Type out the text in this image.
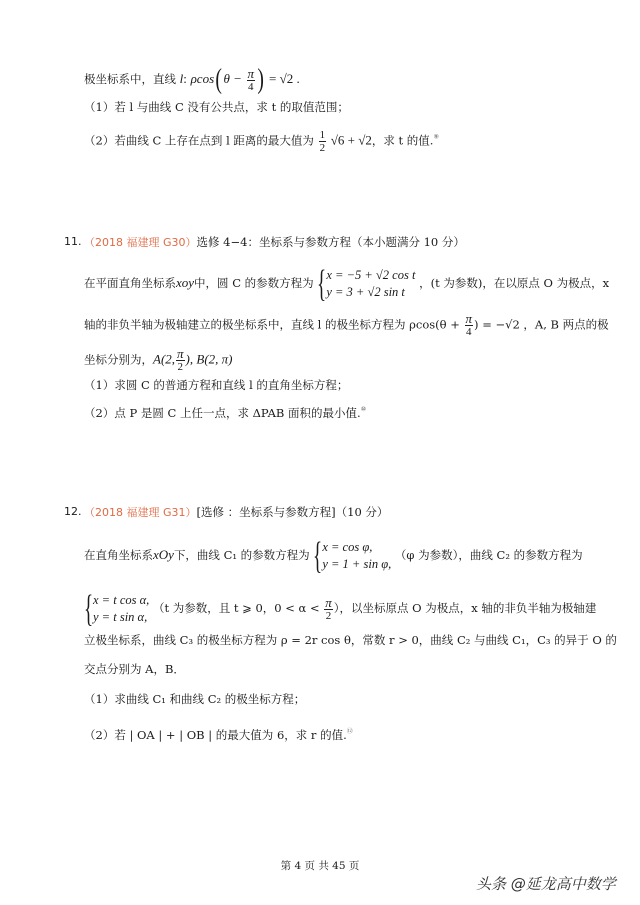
极坐标系中，直线 l: $\rho\cos(\theta - \frac{\pi}{4}$ ) = √2 .
（1）若 l 与曲线 C 没有公共点，求 t 的取值范围；
（2）若曲线 C 上存在点到 l 距离的最大值为 $\frac{1}{2} √6 + √2$，求 t 的值.⑨
11. （2018 福建理 G30）选修 4−4：坐标系与参数方程（本小题满分 10 分）
在平面直角坐标系xoy中，圆 C 的参数方程为 { x = −5 + √2 cos t
y = 3 + √2 sin t
，(t 为参数)，在以原点 O 为极点，x
轴的非负半轴为极轴建立的极坐标系中，直线 l 的极坐标方程为 $\rho\cos(\theta + \frac{\pi}{4}$ ) = −√2 ，A, B 两点的极
坐标分别为，A(2, $\frac{\pi}{2}$ ), B(2, π)
（1）求圆 C 的普通方程和直线 l 的直角坐标方程；
（2）点 P 是圆 C 上任一点，求 ΔPAB 面积的最小值.⑩
12. （2018 福建理 G31）[选修 ：坐标系与参数方程]（10 分）
在直角坐标系xOy下，曲线 C₁ 的参数方程为 { x = cos φ,
y = 1 + sin φ,
（φ 为参数），曲线 C₂ 的参数方程为
{ x = t cos α,
y = t sin α,
（t 为参数，且 t ⩾ 0，$0 < \alpha < \frac{\pi}{2}$ ），以坐标原点 O 为极点，x 轴的非负半轴为极轴建
立极坐标系，曲线 C₃ 的极坐标方程为 ρ = 2r cos θ，常数 r > 0，曲线 C₂ 与曲线 C₁，C₃ 的异于 O 的
交点分别为 A，B．
（1）求曲线 C₁ 和曲线 C₂ 的极坐标方程；
（2）若 | OA | + | OB | 的最大值为 6，求 r 的值.⑫
第 4 页 共 45 页
头条 @延龙高中数学
